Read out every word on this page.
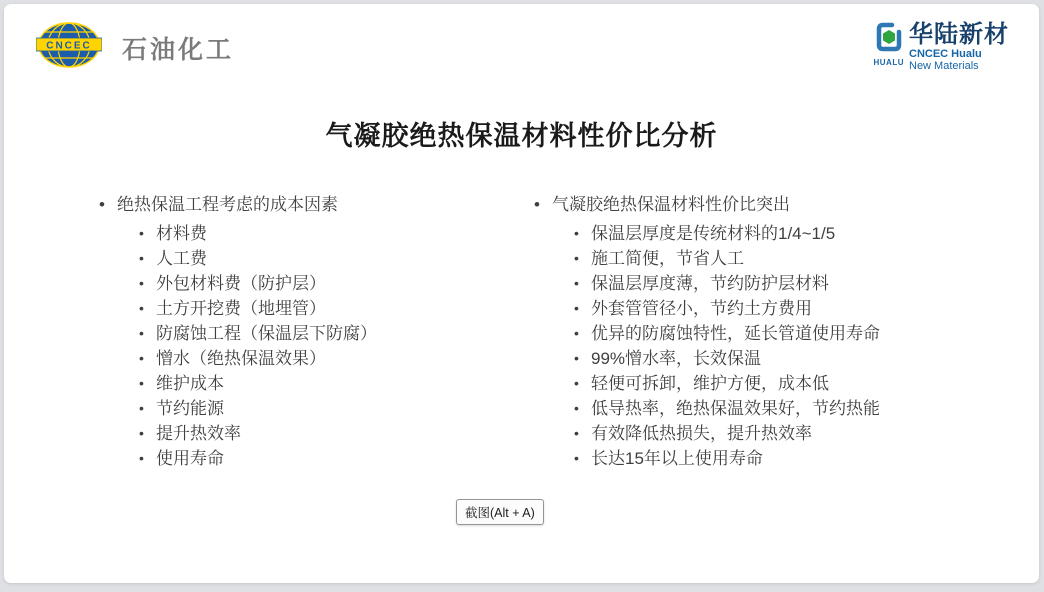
CNCEC 石油化工	HUALU
华陆新材
CNCEC Hualu
New Materials
气凝胶绝热保温材料性价比分析
• 绝热保温工程考虑的成本因素
• 材料费
• 人工费
• 外包材料费（防护层）
• 土方开挖费（地埋管）
• 防腐蚀工程（保温层下防腐）
• 憎水（绝热保温效果）
• 维护成本
• 节约能源
• 提升热效率
• 使用寿命
• 气凝胶绝热保温材料性价比突出
• 保温层厚度是传统材料的1/4~1/5
• 施工简便，节省人工
• 保温层厚度薄，节约防护层材料
• 外套管管径小，节约土方费用
• 优异的防腐蚀特性，延长管道使用寿命
• 99%憎水率，长效保温
• 轻便可拆卸，维护方便，成本低
• 低导热率，绝热保温效果好，节约热能
• 有效降低热损失，提升热效率
• 长达15年以上使用寿命
截图(Alt + A)
